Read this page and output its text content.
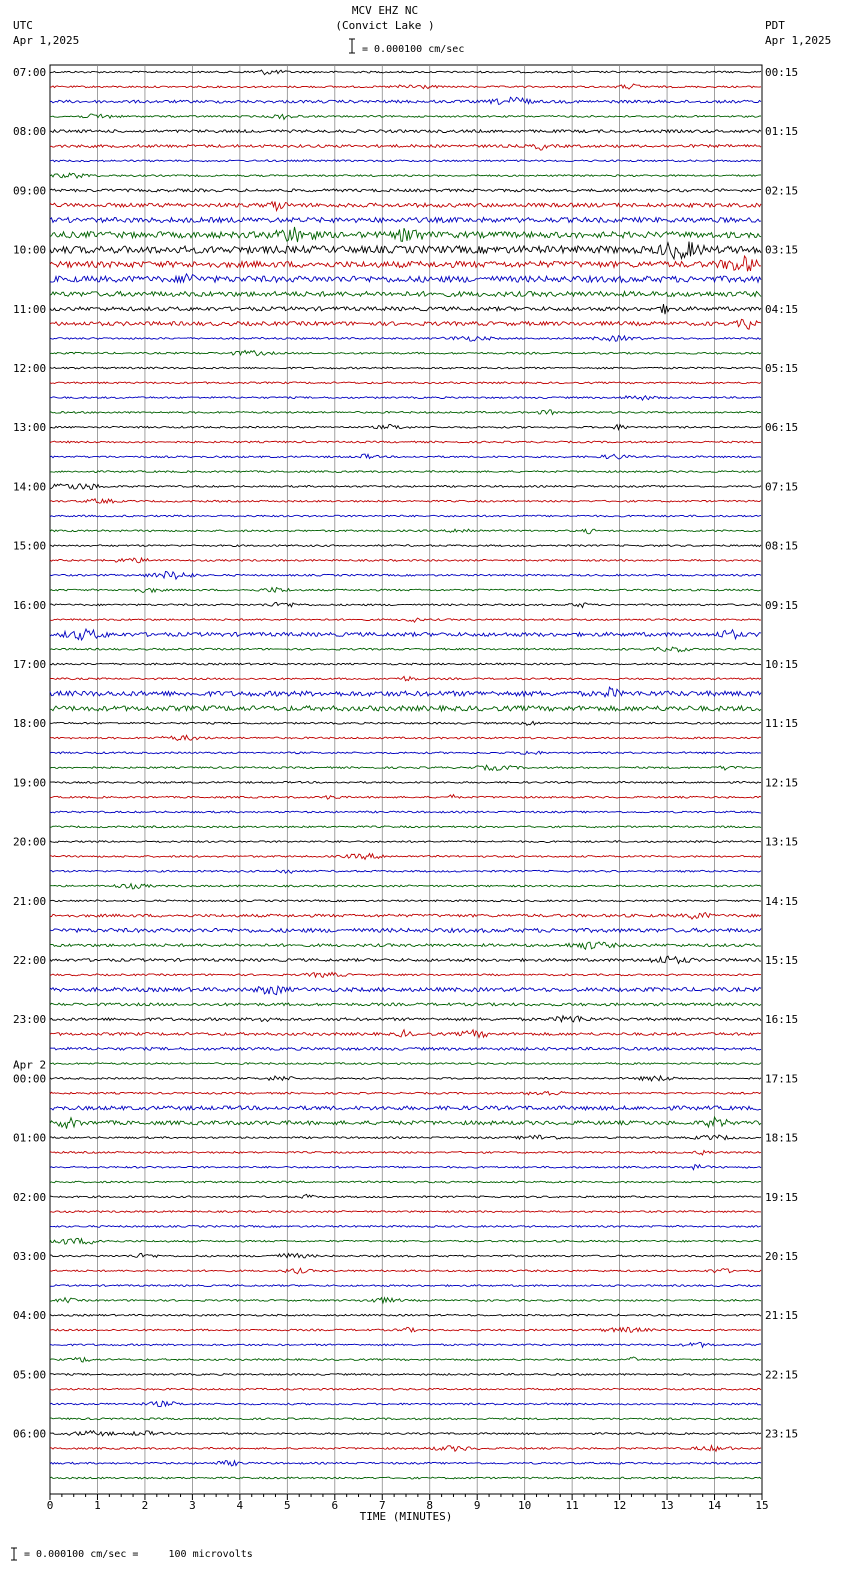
MCV EHZ NC
(Convict Lake )
= 0.000100 cm/sec
UTC
Apr 1,2025
PDT
Apr 1,2025
= 0.000100 cm/sec =     100 microvolts
0	1	2	3	4	5	6	7	8	9	10	11	12	13	14	15
TIME (MINUTES)
07:00	00:15
08:00	01:15
09:00	02:15
10:00	03:15
11:00	04:15
12:00	05:15
13:00	06:15
14:00	07:15
15:00	08:15
16:00	09:15
17:00	10:15
18:00	11:15
19:00	12:15
20:00	13:15
21:00	14:15
22:00	15:15
23:00	16:15
00:00	17:15
01:00	18:15
02:00	19:15
03:00	20:15
04:00	21:15
05:00	22:15
06:00	23:15
Apr 2
